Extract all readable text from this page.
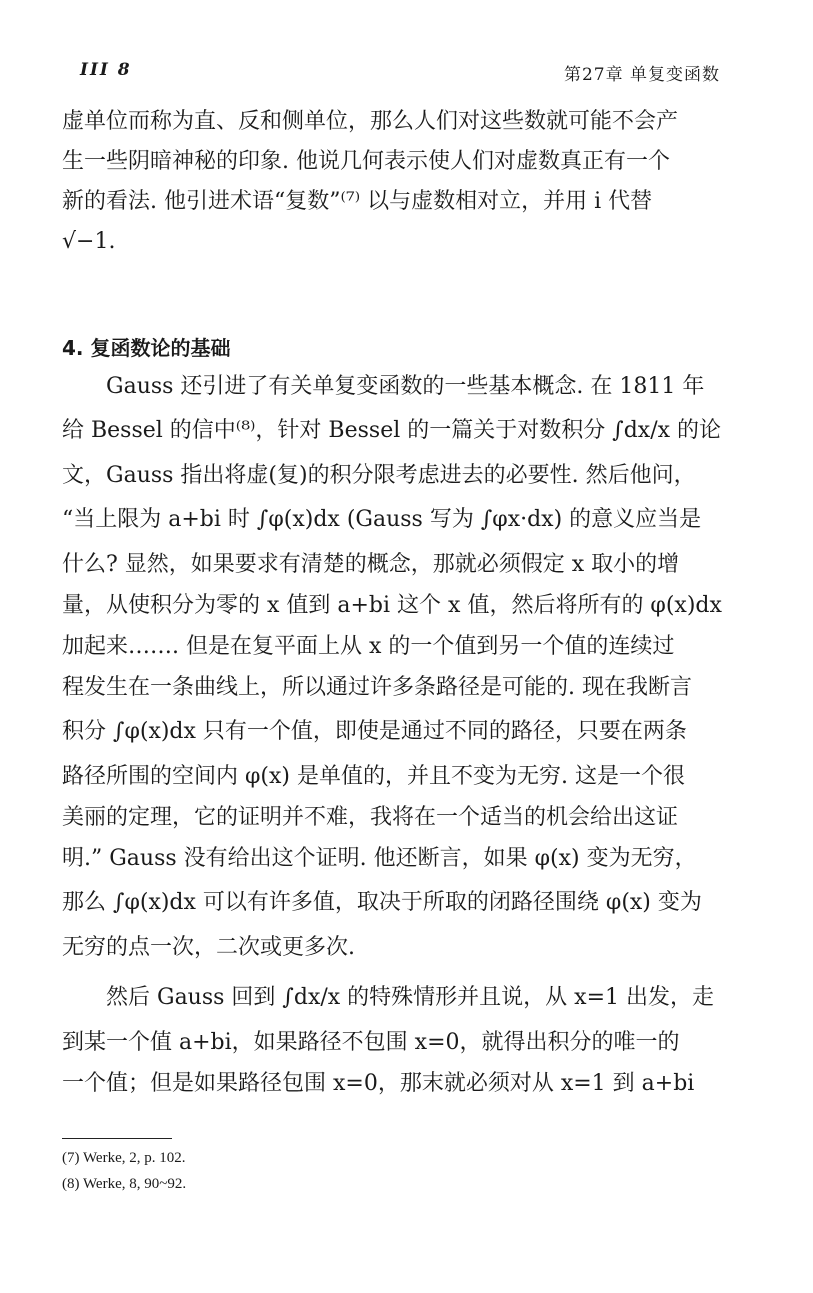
III 8	第27章 单复变函数
虚单位而称为直、反和侧单位，那么人们对这些数就可能不会产
生一些阴暗神秘的印象. 他说几何表示使人们对虚数真正有一个
新的看法. 他引进术语“复数”⁽⁷⁾ 以与虚数相对立，并用 i 代替
√−1.
4. 复函数论的基础
Gauss 还引进了有关单复变函数的一些基本概念. 在 1811 年
给 Bessel 的信中⁽⁸⁾，针对 Bessel 的一篇关于对数积分 ∫dx/x 的论
文，Gauss 指出将虚(复)的积分限考虑进去的必要性. 然后他问，
“当上限为 a+bi 时 ∫φ(x)dx (Gauss 写为 ∫φx·dx) 的意义应当是
什么? 显然，如果要求有清楚的概念，那就必须假定 x 取小的增
量，从使积分为零的 x 值到 a+bi 这个 x 值，然后将所有的 φ(x)dx
加起来……. 但是在复平面上从 x 的一个值到另一个值的连续过
程发生在一条曲线上，所以通过许多条路径是可能的. 现在我断言
积分 ∫φ(x)dx 只有一个值，即使是通过不同的路径，只要在两条
路径所围的空间内 φ(x) 是单值的，并且不变为无穷. 这是一个很
美丽的定理，它的证明并不难，我将在一个适当的机会给出这证
明.” Gauss 没有给出这个证明. 他还断言，如果 φ(x) 变为无穷，
那么 ∫φ(x)dx 可以有许多值，取决于所取的闭路径围绕 φ(x) 变为
无穷的点一次，二次或更多次.
然后 Gauss 回到 ∫dx/x 的特殊情形并且说，从 x=1 出发，走
到某一个值 a+bi，如果路径不包围 x=0，就得出积分的唯一的
一个值；但是如果路径包围 x=0，那末就必须对从 x=1 到 a+bi
(7) Werke, 2, p. 102.
(8) Werke, 8, 90~92.
